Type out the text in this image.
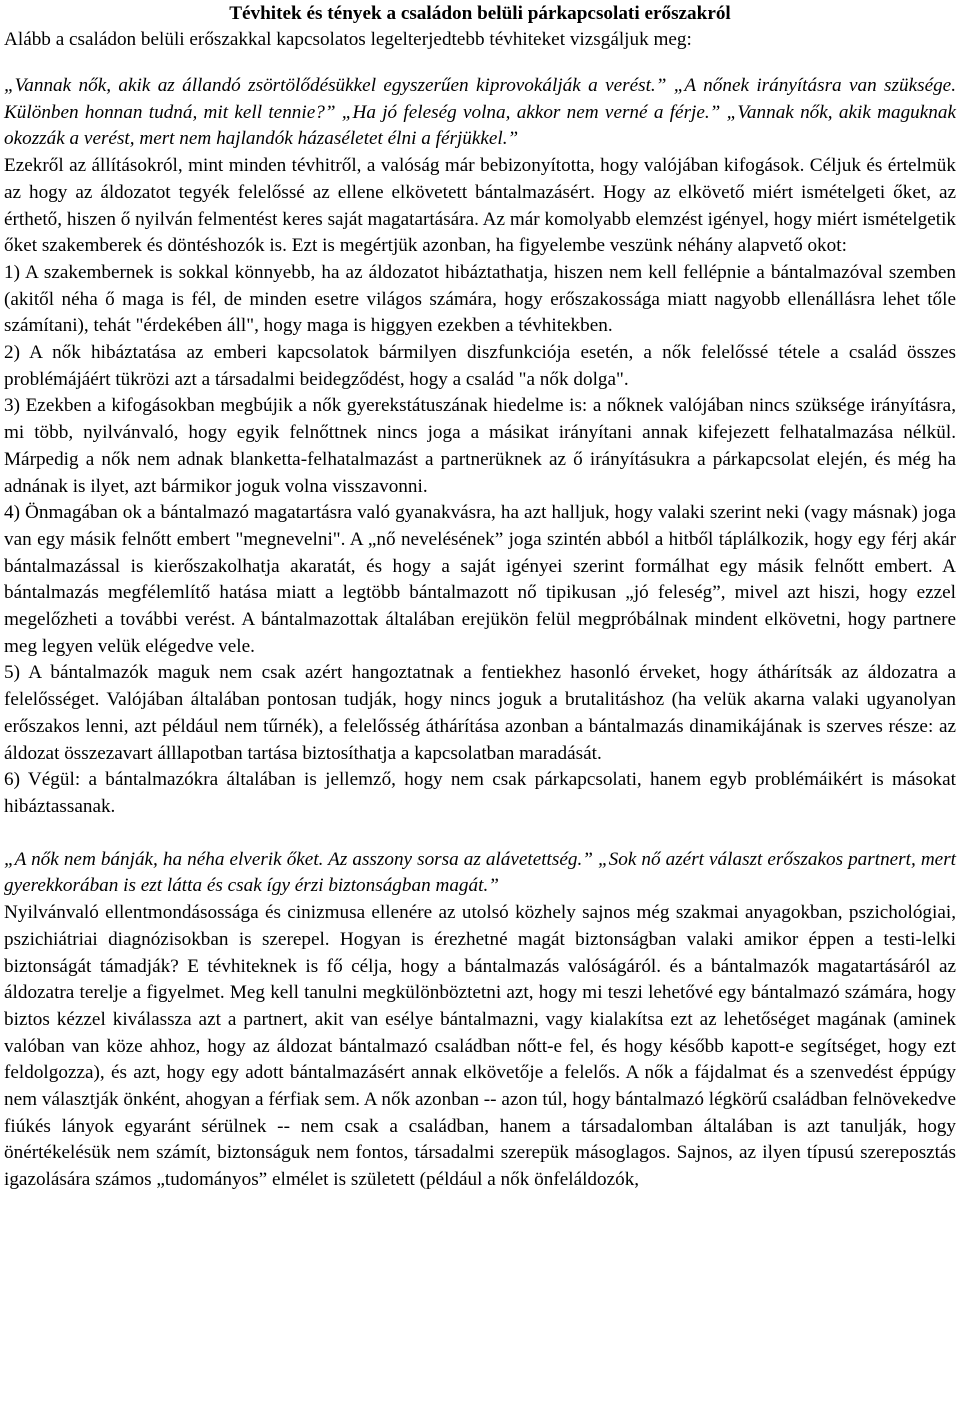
Tévhitek és tények a családon belüli párkapcsolati erőszakról

Alább a családon belüli erőszakkal kapcsolatos legelterjedtebb tévhiteket vizsgáljuk meg:

„Vannak nők, akik az állandó zsörtölődésükkel egyszerűen kiprovokálják a verést.” „A nőnek irányításra van szüksége. Különben honnan tudná, mit kell tennie?” „Ha jó feleség volna, akkor nem verné a férje.” „Vannak nők, akik maguknak okozzák a verést, mert nem hajlandók házaséletet élni a férjükkel.”

Ezekről az állításokról, mint minden tévhitről, a valóság már bebizonyította, hogy valójában kifogások. Céljuk és értelmük az hogy az áldozatot tegyék felelőssé az ellene elkövetett bántalmazásért. Hogy az elkövető miért ismételgeti őket, az érthető, hiszen ő nyilván felmentést keres saját magatartására. Az már komolyabb elemzést igényel, hogy miért ismételgetik őket szakemberek és döntéshozók is. Ezt is megértjük azonban, ha figyelembe veszünk néhány alapvető okot:

1) A szakembernek is sokkal könnyebb, ha az áldozatot hibáztathatja, hiszen nem kell fellépnie a bántalmazóval szemben (akitől néha ő maga is fél, de minden esetre világos számára, hogy erőszakossága miatt nagyobb ellenállásra lehet tőle számítani), tehát "érdekében áll", hogy maga is higgyen ezekben a tévhitekben.

2) A nők hibáztatása az emberi kapcsolatok bármilyen diszfunkciója esetén, a nők felelőssé tétele a család összes problémájáért tükrözi azt a társadalmi beidegződést, hogy a család "a nők dolga".

3) Ezekben a kifogásokban megbújik a nők gyerekstátuszának hiedelme is: a nőknek valójában nincs szüksége irányításra, mi több, nyilvánvaló, hogy egyik felnőttnek nincs joga a másikat irányítani annak kifejezett felhatalmazása nélkül. Márpedig a nők nem adnak blanketta-felhatalmazást a partnerüknek az ő irányításukra a párkapcsolat elején, és még ha adnának is ilyet, azt bármikor joguk volna visszavonni.

4) Önmagában ok a bántalmazó magatartásra való gyanakvásra, ha azt halljuk, hogy valaki szerint neki (vagy másnak) joga van egy másik felnőtt embert "megnevelni". A „nő nevelésének” joga szintén abból a hitből táplálkozik, hogy egy férj akár bántalmazással is kierőszakolhatja akaratát, és hogy a saját igényei szerint formálhat egy másik felnőtt embert. A bántalmazás megfélemlítő hatása miatt a legtöbb bántalmazott nő tipikusan „jó feleség”, mivel azt hiszi, hogy ezzel megelőzheti a további verést. A bántalmazottak általában erejükön felül megpróbálnak mindent elkövetni, hogy partnere meg legyen velük elégedve vele.

5) A bántalmazók maguk nem csak azért hangoztatnak a fentiekhez hasonló érveket, hogy áthárítsák az áldozatra a felelősséget. Valójában általában pontosan tudják, hogy nincs joguk a brutalitáshoz (ha velük akarna valaki ugyanolyan erőszakos lenni, azt például nem tűrnék), a felelősség áthárítása azonban a bántalmazás dinamikájának is szerves része: az áldozat összezavart álllapotban tartása biztosíthatja a kapcsolatban maradását.

6) Végül: a bántalmazókra általában is jellemző, hogy nem csak párkapcsolati, hanem egyb problémáikért is másokat hibáztassanak.

„A nők nem bánják, ha néha elverik őket. Az asszony sorsa az alávetettség.” „Sok nő azért választ erőszakos partnert, mert gyerekkorában is ezt látta és csak így érzi biztonságban magát.”

Nyilvánvaló ellentmondásossága és cinizmusa ellenére az utolsó közhely sajnos még szakmai anyagokban, pszichológiai, pszichiátriai diagnózisokban is szerepel. Hogyan is érezhetné magát biztonságban valaki amikor éppen a testi-lelki biztonságát támadják? E tévhiteknek is fő célja, hogy a bántalmazás valóságáról. és a bántalmazók magatartásáról az áldozatra terelje a figyelmet. Meg kell tanulni megkülönböztetni azt, hogy mi teszi lehetővé egy bántalmazó számára, hogy biztos kézzel kiválassza azt a partnert, akit van esélye bántalmazni, vagy kialakítsa ezt az lehetőséget magának (aminek valóban van köze ahhoz, hogy az áldozat bántalmazó családban nőtt-e fel, és hogy később kapott-e segítséget, hogy ezt feldolgozza), és azt, hogy egy adott bántalmazásért annak elkövetője a felelős. A nők a fájdalmat és a szenvedést éppúgy nem választják önként, ahogyan a férfiak sem. A nők azonban -- azon túl, hogy bántalmazó légkörű családban felnövekedve fiúkés lányok egyaránt sérülnek -- nem csak a családban, hanem a társadalomban általában is azt tanulják, hogy önértékelésük nem számít, biztonságuk nem fontos, társadalmi szerepük másoglagos. Sajnos, az ilyen típusú szereposztás igazolására számos „tudományos” elmélet is született (például a nők önfeláldozók,
